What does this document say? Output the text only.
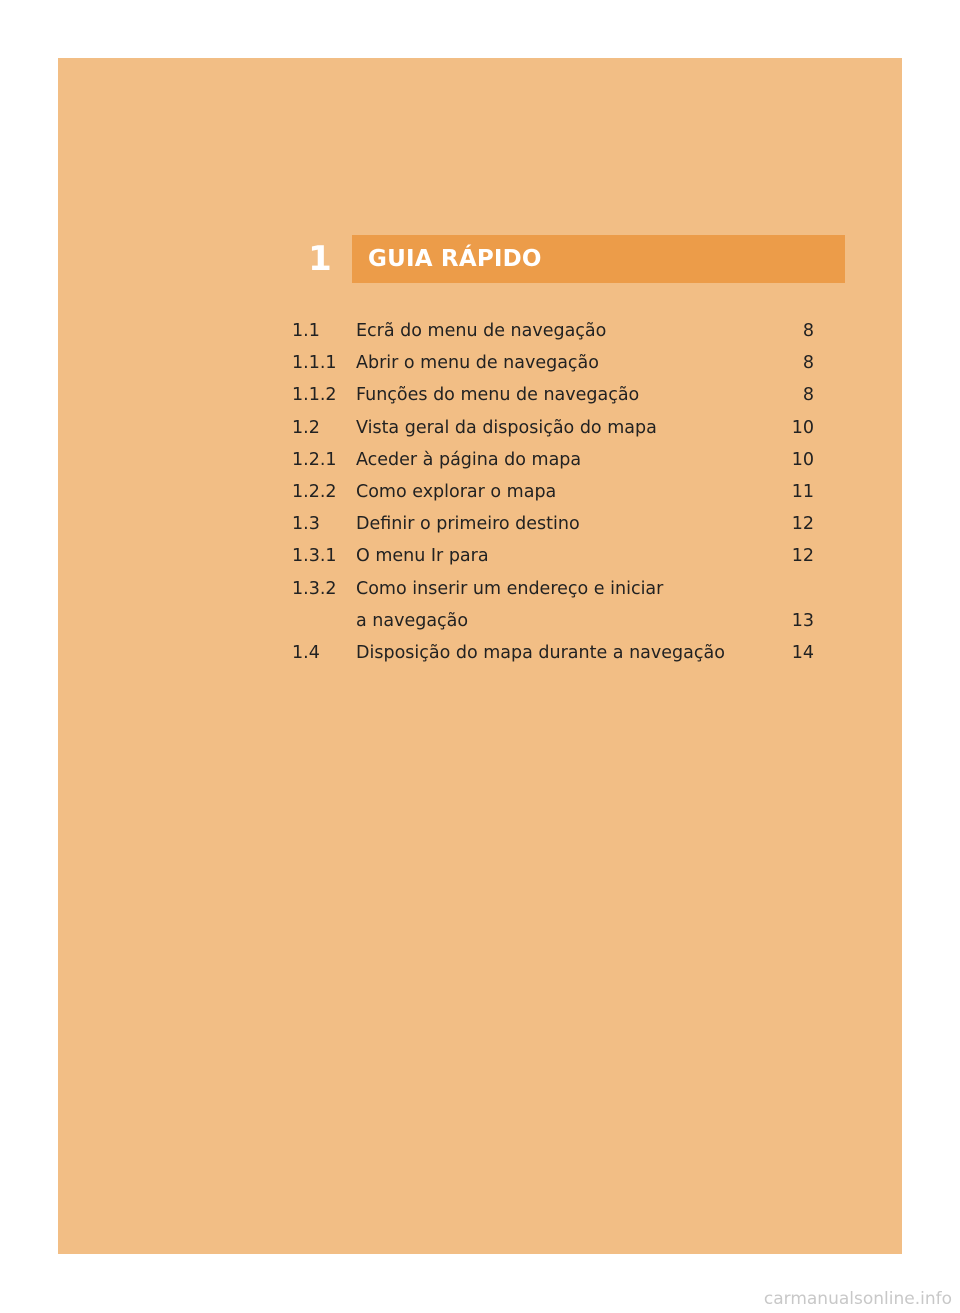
1	GUIA RÁPIDO
1.1	Ecrã do menu de navegação	8
1.1.1	Abrir o menu de navegação	8
1.1.2	Funções do menu de navegação	8
1.2	Vista geral da disposição do mapa	10
1.2.1	Aceder à página do mapa	10
1.2.2	Como explorar o mapa	11
1.3	Definir o primeiro destino	12
1.3.1	O menu Ir para	12
1.3.2	Como inserir um endereço e iniciar
a navegação	13
1.4	Disposição do mapa durante a navegação	14
carmanualsonline.info
